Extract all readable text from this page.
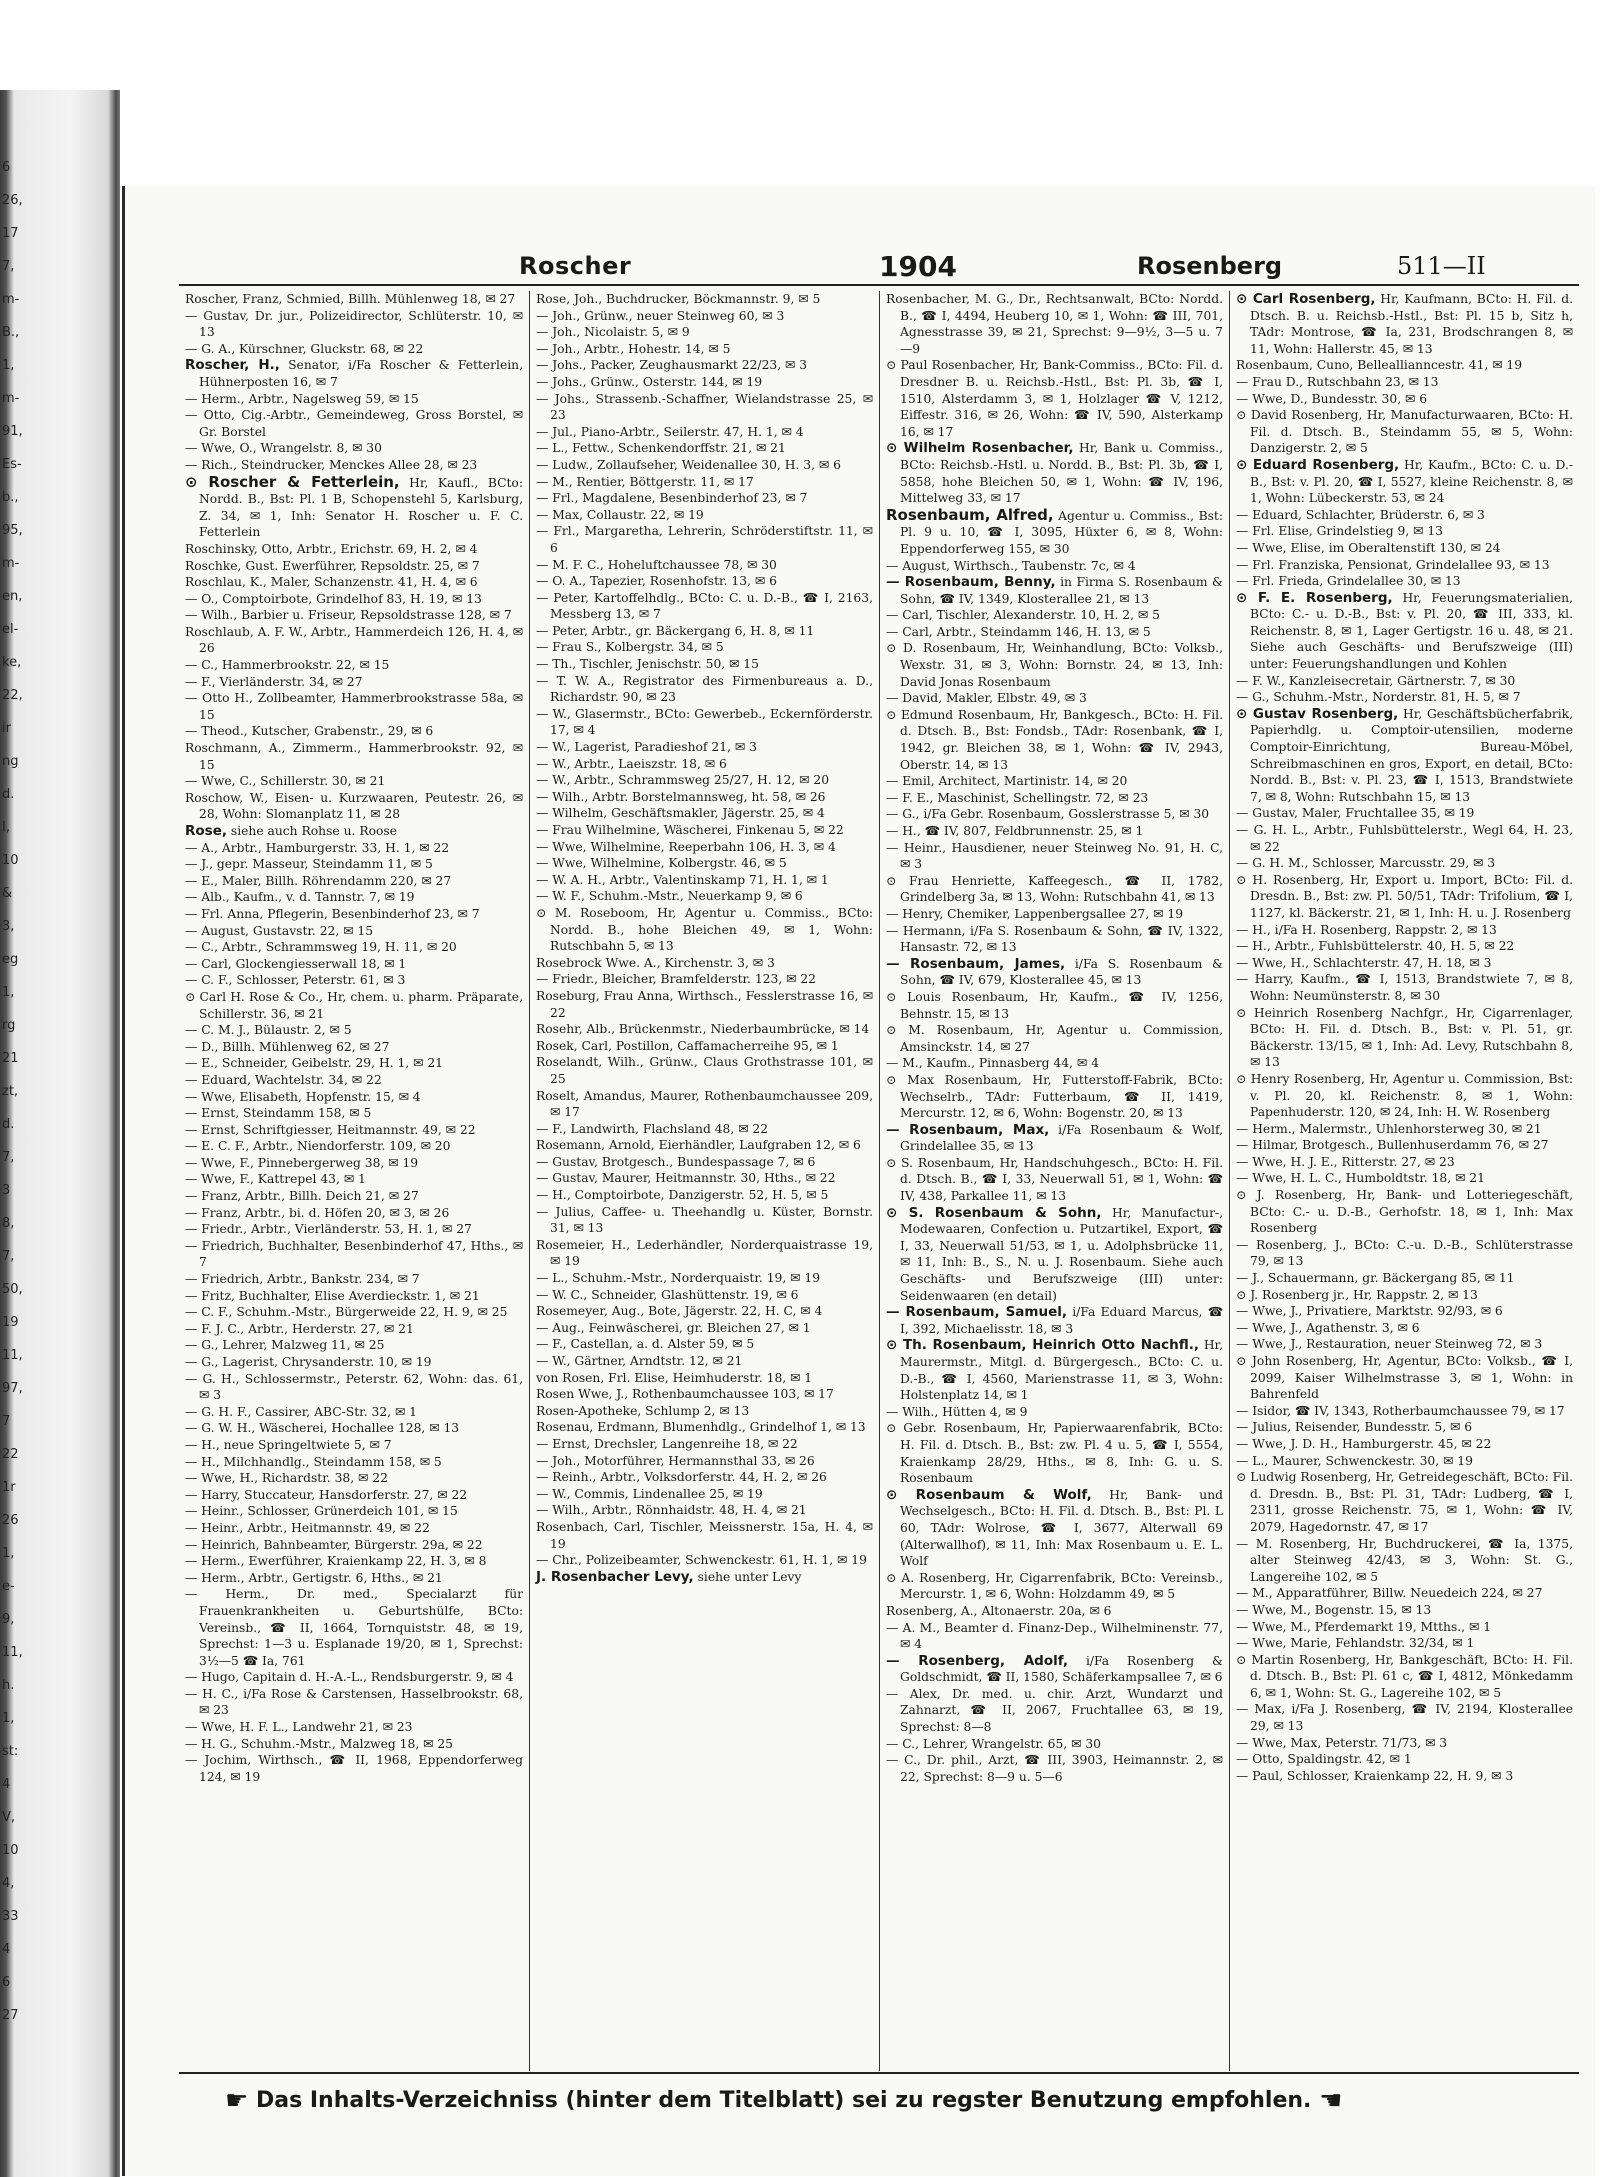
6
26,
17
7,
m-
B.,
1,
m-
91,
Es-
b.,
95,
m-
en,
el-
ke,
22,
ir
ng
d.
I,
10
&
3,
eg
1,
rg
21
zt,
d.
7,
3
8,
7,
50,
19
11,
97,
7
22
1r
26
1,
e-
9,
11,
h.
1,
st:
4
V,
10
4,
33
4
6
27
Roscher	1904	Rosenberg	511—II

Roscher, Franz, Schmied, Billh. Mühlenweg 18, ✉ 27

— Gustav, Dr. jur., Polizeidirector, Schlüterstr. 10, ✉ 13

— G. A., Kürschner, Gluckstr. 68, ✉ 22

Roscher, H., Senator, i/Fa Roscher & Fetterlein, Hühnerposten 16, ✉ 7

— Herm., Arbtr., Nagelsweg 59, ✉ 15

— Otto, Cig.-Arbtr., Gemeindeweg, Gross Borstel, ✉ Gr. Borstel

— Wwe, O., Wrangelstr. 8, ✉ 30

— Rich., Steindrucker, Menckes Allee 28, ✉ 23

⊙ Roscher & Fetterlein, Hr, Kaufl., BCto: Nordd. B., Bst: Pl. 1 B, Schopenstehl 5, Karlsburg, Z. 34, ✉ 1, Inh: Senator H. Roscher u. F. C. Fetterlein

Roschinsky, Otto, Arbtr., Erichstr. 69, H. 2, ✉ 4

Roschke, Gust. Ewerführer, Repsoldstr. 25, ✉ 7

Roschlau, K., Maler, Schanzenstr. 41, H. 4, ✉ 6

— O., Comptoirbote, Grindelhof 83, H. 19, ✉ 13

— Wilh., Barbier u. Friseur, Repsoldstrasse 128, ✉ 7

Roschlaub, A. F. W., Arbtr., Hammerdeich 126, H. 4, ✉ 26

— C., Hammerbrookstr. 22, ✉ 15

— F., Vierländerstr. 34, ✉ 27

— Otto H., Zollbeamter, Hammerbrookstrasse 58a, ✉ 15

— Theod., Kutscher, Grabenstr., 29, ✉ 6

Roschmann, A., Zimmerm., Hammerbrookstr. 92, ✉ 15

— Wwe, C., Schillerstr. 30, ✉ 21

Roschow, W., Eisen- u. Kurzwaaren, Peutestr. 26, ✉ 28, Wohn: Slomanplatz 11, ✉ 28

Rose, siehe auch Rohse u. Roose

— A., Arbtr., Hamburgerstr. 33, H. 1, ✉ 22

— J., gepr. Masseur, Steindamm 11, ✉ 5

— E., Maler, Billh. Röhrendamm 220, ✉ 27

— Alb., Kaufm., v. d. Tannstr. 7, ✉ 19

— Frl. Anna, Pflegerin, Besenbinderhof 23, ✉ 7

— August, Gustavstr. 22, ✉ 15

— C., Arbtr., Schrammsweg 19, H. 11, ✉ 20

— Carl, Glockengiesserwall 18, ✉ 1

— C. F., Schlosser, Peterstr. 61, ✉ 3

⊙ Carl H. Rose & Co., Hr, chem. u. pharm. Präparate, Schillerstr. 36, ✉ 21

— C. M. J., Bülaustr. 2, ✉ 5

— D., Billh. Mühlenweg 62, ✉ 27

— E., Schneider, Geibelstr. 29, H. 1, ✉ 21

— Eduard, Wachtelstr. 34, ✉ 22

— Wwe, Elisabeth, Hopfenstr. 15, ✉ 4

— Ernst, Steindamm 158, ✉ 5

— Ernst, Schriftgiesser, Heitmannstr. 49, ✉ 22

— E. C. F., Arbtr., Niendorferstr. 109, ✉ 20

— Wwe, F., Pinnebergerweg 38, ✉ 19

— Wwe, F., Kattrepel 43, ✉ 1

— Franz, Arbtr., Billh. Deich 21, ✉ 27

— Franz, Arbtr., bi. d. Höfen 20, ✉ 3, ✉ 26

— Friedr., Arbtr., Vierländerstr. 53, H. 1, ✉ 27

— Friedrich, Buchhalter, Besenbinderhof 47, Hths., ✉ 7

— Friedrich, Arbtr., Bankstr. 234, ✉ 7

— Fritz, Buchhalter, Elise Averdieckstr. 1, ✉ 21

— C. F., Schuhm.-Mstr., Bürgerweide 22, H. 9, ✉ 25

— F. J. C., Arbtr., Herderstr. 27, ✉ 21

— G., Lehrer, Malzweg 11, ✉ 25

— G., Lagerist, Chrysanderstr. 10, ✉ 19

— G. H., Schlossermstr., Peterstr. 62, Wohn: das. 61, ✉ 3

— G. H. F., Cassirer, ABC-Str. 32, ✉ 1

— G. W. H., Wäscherei, Hochallee 128, ✉ 13

— H., neue Springeltwiete 5, ✉ 7

— H., Milchhandlg., Steindamm 158, ✉ 5

— Wwe, H., Richardstr. 38, ✉ 22

— Harry, Stuccateur, Hansdorferstr. 27, ✉ 22

— Heinr., Schlosser, Grünerdeich 101, ✉ 15

— Heinr., Arbtr., Heitmannstr. 49, ✉ 22

— Heinrich, Bahnbeamter, Bürgerstr. 29a, ✉ 22

— Herm., Ewerführer, Kraienkamp 22, H. 3, ✉ 8

— Herm., Arbtr., Gertigstr. 6, Hths., ✉ 21

— Herm., Dr. med., Specialarzt für Frauenkrankheiten u. Geburtshülfe, BCto: Vereinsb., ☎ II, 1664, Tornquiststr. 48, ✉ 19, Sprechst: 1—3 u. Esplanade 19/20, ✉ 1, Sprechst: 3½—5 ☎ Ia, 761

— Hugo, Capitain d. H.-A.-L., Rendsburgerstr. 9, ✉ 4

— H. C., i/Fa Rose & Carstensen, Hasselbrookstr. 68, ✉ 23

— Wwe, H. F. L., Landwehr 21, ✉ 23

— H. G., Schuhm.-Mstr., Malzweg 18, ✉ 25

— Jochim, Wirthsch., ☎ II, 1968, Eppendorferweg 124, ✉ 19

Rose, Joh., Buchdrucker, Böckmannstr. 9, ✉ 5

— Joh., Grünw., neuer Steinweg 60, ✉ 3

— Joh., Nicolaistr. 5, ✉ 9

— Joh., Arbtr., Hohestr. 14, ✉ 5

— Johs., Packer, Zeughausmarkt 22/23, ✉ 3

— Johs., Grünw., Osterstr. 144, ✉ 19

— Johs., Strassenb.-Schaffner, Wielandstrasse 25, ✉ 23

— Jul., Piano-Arbtr., Seilerstr. 47, H. 1, ✉ 4

— L., Fettw., Schenkendorffstr. 21, ✉ 21

— Ludw., Zollaufseher, Weidenallee 30, H. 3, ✉ 6

— M., Rentier, Böttgerstr. 11, ✉ 17

— Frl., Magdalene, Besenbinderhof 23, ✉ 7

— Max, Collaustr. 22, ✉ 19

— Frl., Margaretha, Lehrerin, Schröderstiftstr. 11, ✉ 6

— M. F. C., Hoheluftchaussee 78, ✉ 30

— O. A., Tapezier, Rosenhofstr. 13, ✉ 6

— Peter, Kartoffelhdlg., BCto: C. u. D.-B., ☎ I, 2163, Messberg 13, ✉ 7

— Peter, Arbtr., gr. Bäckergang 6, H. 8, ✉ 11

— Frau S., Kolbergstr. 34, ✉ 5

— Th., Tischler, Jenischstr. 50, ✉ 15

— T. W. A., Registrator des Firmenbureaus a. D., Richardstr. 90, ✉ 23

— W., Glasermstr., BCto: Gewerbeb., Eckernförderstr. 17, ✉ 4

— W., Lagerist, Paradieshof 21, ✉ 3

— W., Arbtr., Laeiszstr. 18, ✉ 6

— W., Arbtr., Schrammsweg 25/27, H. 12, ✉ 20

— Wilh., Arbtr. Borstelmannsweg, ht. 58, ✉ 26

— Wilhelm, Geschäftsmakler, Jägerstr. 25, ✉ 4

— Frau Wilhelmine, Wäscherei, Finkenau 5, ✉ 22

— Wwe, Wilhelmine, Reeperbahn 106, H. 3, ✉ 4

— Wwe, Wilhelmine, Kolbergstr. 46, ✉ 5

— W. A. H., Arbtr., Valentinskamp 71, H. 1, ✉ 1

— W. F., Schuhm.-Mstr., Neuerkamp 9, ✉ 6

⊙ M. Roseboom, Hr, Agentur u. Commiss., BCto: Nordd. B., hohe Bleichen 49, ✉ 1, Wohn: Rutschbahn 5, ✉ 13

Rosebrock Wwe. A., Kirchenstr. 3, ✉ 3

— Friedr., Bleicher, Bramfelderstr. 123, ✉ 22

Roseburg, Frau Anna, Wirthsch., Fesslerstrasse 16, ✉ 22

Rosehr, Alb., Brückenmstr., Niederbaumbrücke, ✉ 14

Rosek, Carl, Postillon, Caffamacherreihe 95, ✉ 1

Roselandt, Wilh., Grünw., Claus Grothstrasse 101, ✉ 25

Roselt, Amandus, Maurer, Rothenbaumchaussee 209, ✉ 17

— F., Landwirth, Flachsland 48, ✉ 22

Rosemann, Arnold, Eierhändler, Laufgraben 12, ✉ 6

— Gustav, Brotgesch., Bundespassage 7, ✉ 6

— Gustav, Maurer, Heitmannstr. 30, Hths., ✉ 22

— H., Comptoirbote, Danzigerstr. 52, H. 5, ✉ 5

— Julius, Caffee- u. Theehandlg u. Küster, Bornstr. 31, ✉ 13

Rosemeier, H., Lederhändler, Norderquaistrasse 19, ✉ 19

— L., Schuhm.-Mstr., Norderquaistr. 19, ✉ 19

— W. C., Schneider, Glashüttenstr. 19, ✉ 6

Rosemeyer, Aug., Bote, Jägerstr. 22, H. C, ✉ 4

— Aug., Feinwäscherei, gr. Bleichen 27, ✉ 1

— F., Castellan, a. d. Alster 59, ✉ 5

— W., Gärtner, Arndtstr. 12, ✉ 21

von Rosen, Frl. Elise, Heimhuderstr. 18, ✉ 1

Rosen Wwe, J., Rothenbaumchaussee 103, ✉ 17

Rosen-Apotheke, Schlump 2, ✉ 13

Rosenau, Erdmann, Blumenhdlg., Grindelhof 1, ✉ 13

— Ernst, Drechsler, Langenreihe 18, ✉ 22

— Joh., Motorführer, Hermannsthal 33, ✉ 26

— Reinh., Arbtr., Volksdorferstr. 44, H. 2, ✉ 26

— W., Commis, Lindenallee 25, ✉ 19

— Wilh., Arbtr., Rönnhaidstr. 48, H. 4, ✉ 21

Rosenbach, Carl, Tischler, Meissnerstr. 15a, H. 4, ✉ 19

— Chr., Polizeibeamter, Schwenckestr. 61, H. 1, ✉ 19

J. Rosenbacher Levy, siehe unter Levy

Rosenbacher, M. G., Dr., Rechtsanwalt, BCto: Nordd. B., ☎ I, 4494, Heuberg 10, ✉ 1, Wohn: ☎ III, 701, Agnesstrasse 39, ✉ 21, Sprechst: 9—9½, 3—5 u. 7—9

⊙ Paul Rosenbacher, Hr, Bank-Commiss., BCto: Fil. d. Dresdner B. u. Reichsb.-Hstl., Bst: Pl. 3b, ☎ I, 1510, Alsterdamm 3, ✉ 1, Holzlager ☎ V, 1212, Eiffestr. 316, ✉ 26, Wohn: ☎ IV, 590, Alsterkamp 16, ✉ 17

⊙ Wilhelm Rosenbacher, Hr, Bank u. Commiss., BCto: Reichsb.-Hstl. u. Nordd. B., Bst: Pl. 3b, ☎ I, 5858, hohe Bleichen 50, ✉ 1, Wohn: ☎ IV, 196, Mittelweg 33, ✉ 17

Rosenbaum, Alfred, Agentur u. Commiss., Bst: Pl. 9 u. 10, ☎ I, 3095, Hüxter 6, ✉ 8, Wohn: Eppendorferweg 155, ✉ 30

— August, Wirthsch., Taubenstr. 7c, ✉ 4

— Rosenbaum, Benny, in Firma S. Rosenbaum & Sohn, ☎ IV, 1349, Klosterallee 21, ✉ 13

— Carl, Tischler, Alexanderstr. 10, H. 2, ✉ 5

— Carl, Arbtr., Steindamm 146, H. 13, ✉ 5

⊙ D. Rosenbaum, Hr, Weinhandlung, BCto: Volksb., Wexstr. 31, ✉ 3, Wohn: Bornstr. 24, ✉ 13, Inh: David Jonas Rosenbaum

— David, Makler, Elbstr. 49, ✉ 3

⊙ Edmund Rosenbaum, Hr, Bankgesch., BCto: H. Fil. d. Dtsch. B., Bst: Fondsb., TAdr: Rosenbank, ☎ I, 1942, gr. Bleichen 38, ✉ 1, Wohn: ☎ IV, 2943, Oberstr. 14, ✉ 13

— Emil, Architect, Martinistr. 14, ✉ 20

— F. E., Maschinist, Schellingstr. 72, ✉ 23

— G., i/Fa Gebr. Rosenbaum, Gosslerstrasse 5, ✉ 30

— H., ☎ IV, 807, Feldbrunnenstr. 25, ✉ 1

— Heinr., Hausdiener, neuer Steinweg No. 91, H. C, ✉ 3

⊙ Frau Henriette, Kaffeegesch., ☎ II, 1782, Grindelberg 3a, ✉ 13, Wohn: Rutschbahn 41, ✉ 13

— Henry, Chemiker, Lappenbergsallee 27, ✉ 19

— Hermann, i/Fa S. Rosenbaum & Sohn, ☎ IV, 1322, Hansastr. 72, ✉ 13

— Rosenbaum, James, i/Fa S. Rosenbaum & Sohn, ☎ IV, 679, Klosterallee 45, ✉ 13

⊙ Louis Rosenbaum, Hr, Kaufm., ☎ IV, 1256, Behnstr. 15, ✉ 13

⊙ M. Rosenbaum, Hr, Agentur u. Commission, Amsinckstr. 14, ✉ 27

— M., Kaufm., Pinnasberg 44, ✉ 4

⊙ Max Rosenbaum, Hr, Futterstoff-Fabrik, BCto: Wechselrb., TAdr: Futterbaum, ☎ II, 1419, Mercurstr. 12, ✉ 6, Wohn: Bogenstr. 20, ✉ 13

— Rosenbaum, Max, i/Fa Rosenbaum & Wolf, Grindelallee 35, ✉ 13

⊙ S. Rosenbaum, Hr, Handschuhgesch., BCto: H. Fil. d. Dtsch. B., ☎ I, 33, Neuerwall 51, ✉ 1, Wohn: ☎ IV, 438, Parkallee 11, ✉ 13

⊙ S. Rosenbaum & Sohn, Hr, Manufactur-, Modewaaren, Confection u. Putzartikel, Export, ☎ I, 33, Neuerwall 51/53, ✉ 1, u. Adolphsbrücke 11, ✉ 11, Inh: B., S., N. u. J. Rosenbaum. Siehe auch Geschäfts- und Berufszweige (III) unter: Seidenwaaren (en detail)

— Rosenbaum, Samuel, i/Fa Eduard Marcus, ☎ I, 392, Michaelisstr. 18, ✉ 3

⊙ Th. Rosenbaum, Heinrich Otto Nachfl., Hr, Maurermstr., Mitgl. d. Bürgergesch., BCto: C. u. D.-B., ☎ I, 4560, Marienstrasse 11, ✉ 3, Wohn: Holstenplatz 14, ✉ 1

— Wilh., Hütten 4, ✉ 9

⊙ Gebr. Rosenbaum, Hr, Papierwaarenfabrik, BCto: H. Fil. d. Dtsch. B., Bst: zw. Pl. 4 u. 5, ☎ I, 5554, Kraienkamp 28/29, Hths., ✉ 8, Inh: G. u. S. Rosenbaum

⊙ Rosenbaum & Wolf, Hr, Bank- und Wechselgesch., BCto: H. Fil. d. Dtsch. B., Bst: Pl. L 60, TAdr: Wolrose, ☎ I, 3677, Alterwall 69 (Alterwallhof), ✉ 11, Inh: Max Rosenbaum u. E. L. Wolf

⊙ A. Rosenberg, Hr, Cigarrenfabrik, BCto: Vereinsb., Mercurstr. 1, ✉ 6, Wohn: Holzdamm 49, ✉ 5

Rosenberg, A., Altonaerstr. 20a, ✉ 6

— A. M., Beamter d. Finanz-Dep., Wilhelminenstr. 77, ✉ 4

— Rosenberg, Adolf, i/Fa Rosenberg & Goldschmidt, ☎ II, 1580, Schäferkampsallee 7, ✉ 6

— Alex, Dr. med. u. chir. Arzt, Wundarzt und Zahnarzt, ☎ II, 2067, Fruchtallee 63, ✉ 19, Sprechst: 8—8

— C., Lehrer, Wrangelstr. 65, ✉ 30

— C., Dr. phil., Arzt, ☎ III, 3903, Heimannstr. 2, ✉ 22, Sprechst: 8—9 u. 5—6

⊙ Carl Rosenberg, Hr, Kaufmann, BCto: H. Fil. d. Dtsch. B. u. Reichsb.-Hstl., Bst: Pl. 15 b, Sitz h, TAdr: Montrose, ☎ Ia, 231, Brodschrangen 8, ✉ 11, Wohn: Hallerstr. 45, ✉ 13

Rosenbaum, Cuno, Belleallianncestr. 41, ✉ 19

— Frau D., Rutschbahn 23, ✉ 13

— Wwe, D., Bundesstr. 30, ✉ 6

⊙ David Rosenberg, Hr, Manufacturwaaren, BCto: H. Fil. d. Dtsch. B., Steindamm 55, ✉ 5, Wohn: Danzigerstr. 2, ✉ 5

⊙ Eduard Rosenberg, Hr, Kaufm., BCto: C. u. D.-B., Bst: v. Pl. 20, ☎ I, 5527, kleine Reichenstr. 8, ✉ 1, Wohn: Lübeckerstr. 53, ✉ 24

— Eduard, Schlachter, Brüderstr. 6, ✉ 3

— Frl. Elise, Grindelstieg 9, ✉ 13

— Wwe, Elise, im Oberaltenstift 130, ✉ 24

— Frl. Franziska, Pensionat, Grindelallee 93, ✉ 13

— Frl. Frieda, Grindelallee 30, ✉ 13

⊙ F. E. Rosenberg, Hr, Feuerungsmaterialien, BCto: C.- u. D.-B., Bst: v. Pl. 20, ☎ III, 333, kl. Reichenstr. 8, ✉ 1, Lager Gertigstr. 16 u. 48, ✉ 21. Siehe auch Geschäfts- und Berufszweige (III) unter: Feuerungshandlungen und Kohlen

— F. W., Kanzleisecretair, Gärtnerstr. 7, ✉ 30

— G., Schuhm.-Mstr., Norderstr. 81, H. 5, ✉ 7

⊙ Gustav Rosenberg, Hr, Geschäftsbücherfabrik, Papierhdlg. u. Comptoir-utensilien, moderne Comptoir-Einrichtung, Bureau-Möbel, Schreibmaschinen en gros, Export, en detail, BCto: Nordd. B., Bst: v. Pl. 23, ☎ I, 1513, Brandstwiete 7, ✉ 8, Wohn: Rutschbahn 15, ✉ 13

— Gustav, Maler, Fruchtallee 35, ✉ 19

— G. H. L., Arbtr., Fuhlsbüttelerstr., Wegl 64, H. 23, ✉ 22

— G. H. M., Schlosser, Marcusstr. 29, ✉ 3

⊙ H. Rosenberg, Hr, Export u. Import, BCto: Fil. d. Dresdn. B., Bst: zw. Pl. 50/51, TAdr: Trifolium, ☎ I, 1127, kl. Bäckerstr. 21, ✉ 1, Inh: H. u. J. Rosenberg

— H., i/Fa H. Rosenberg, Rappstr. 2, ✉ 13

— H., Arbtr., Fuhlsbüttelerstr. 40, H. 5, ✉ 22

— Wwe, H., Schlachterstr. 47, H. 18, ✉ 3

— Harry, Kaufm., ☎ I, 1513, Brandstwiete 7, ✉ 8, Wohn: Neumünsterstr. 8, ✉ 30

⊙ Heinrich Rosenberg Nachfgr., Hr, Cigarrenlager, BCto: H. Fil. d. Dtsch. B., Bst: v. Pl. 51, gr. Bäckerstr. 13/15, ✉ 1, Inh: Ad. Levy, Rutschbahn 8, ✉ 13

⊙ Henry Rosenberg, Hr, Agentur u. Commission, Bst: v. Pl. 20, kl. Reichenstr. 8, ✉ 1, Wohn: Papenhuderstr. 120, ✉ 24, Inh: H. W. Rosenberg

— Herm., Malermstr., Uhlenhorsterweg 30, ✉ 21

— Hilmar, Brotgesch., Bullenhuserdamm 76, ✉ 27

— Wwe, H. J. E., Ritterstr. 27, ✉ 23

— Wwe, H. L. C., Humboldtstr. 18, ✉ 21

⊙ J. Rosenberg, Hr, Bank- und Lotteriegeschäft, BCto: C.- u. D.-B., Gerhofstr. 18, ✉ 1, Inh: Max Rosenberg

— Rosenberg, J., BCto: C.-u. D.-B., Schlüterstrasse 79, ✉ 13

— J., Schauermann, gr. Bäckergang 85, ✉ 11

⊙ J. Rosenberg jr., Hr, Rappstr. 2, ✉ 13

— Wwe, J., Privatiere, Marktstr. 92/93, ✉ 6

— Wwe, J., Agathenstr. 3, ✉ 6

— Wwe, J., Restauration, neuer Steinweg 72, ✉ 3

⊙ John Rosenberg, Hr, Agentur, BCto: Volksb., ☎ I, 2099, Kaiser Wilhelmstrasse 3, ✉ 1, Wohn: in Bahrenfeld

— Isidor, ☎ IV, 1343, Rotherbaumchaussee 79, ✉ 17

— Julius, Reisender, Bundesstr. 5, ✉ 6

— Wwe, J. D. H., Hamburgerstr. 45, ✉ 22

— L., Maurer, Schwenckestr. 30, ✉ 19

⊙ Ludwig Rosenberg, Hr, Getreidegeschäft, BCto: Fil. d. Dresdn. B., Bst: Pl. 31, TAdr: Ludberg, ☎ I, 2311, grosse Reichenstr. 75, ✉ 1, Wohn: ☎ IV, 2079, Hagedornstr. 47, ✉ 17

— M. Rosenberg, Hr, Buchdruckerei, ☎ Ia, 1375, alter Steinweg 42/43, ✉ 3, Wohn: St. G., Langereihe 102, ✉ 5

— M., Apparatführer, Billw. Neuedeich 224, ✉ 27

— Wwe, M., Bogenstr. 15, ✉ 13

— Wwe, M., Pferdemarkt 19, Mtths., ✉ 1

— Wwe, Marie, Fehlandstr. 32/34, ✉ 1

⊙ Martin Rosenberg, Hr, Bankgeschäft, BCto: H. Fil. d. Dtsch. B., Bst: Pl. 61 c, ☎ I, 4812, Mönkedamm 6, ✉ 1, Wohn: St. G., Lagereihe 102, ✉ 5

— Max, i/Fa J. Rosenberg, ☎ IV, 2194, Klosterallee 29, ✉ 13

— Wwe, Max, Peterstr. 71/73, ✉ 3

— Otto, Spaldingstr. 42, ✉ 1

— Paul, Schlosser, Kraienkamp 22, H. 9, ✉ 3

☛ Das Inhalts-Verzeichniss (hinter dem Titelblatt) sei zu regster Benutzung empfohlen. ☚
